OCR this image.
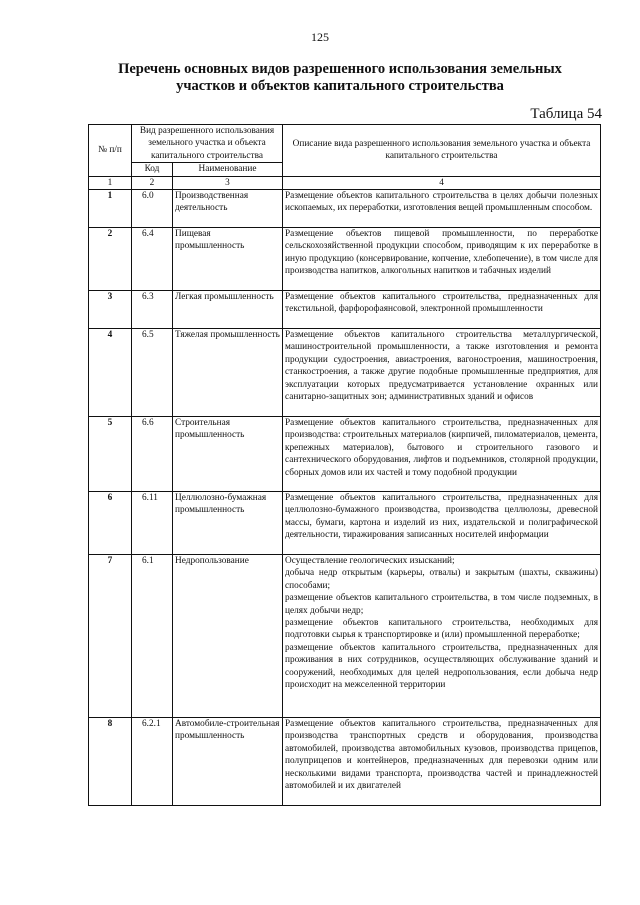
125
Перечень основных видов разрешенного использования земельных
участков и объектов капитального строительства
Таблица 54
№ п/п	Вид разрешенного использования земельного участка и объекта капитального строительства		Описание вида разрешенного использования земельного участка и объекта капитального строительства
	Код	Наименование	
1	2	3	4
1	6.0	Производственная деятельность	Размещение объектов капитального строительства в целях добычи полезных ископаемых, их переработки, изготовления вещей промышленным способом.

2	6.4	Пищевая промышленность	Размещение объектов пищевой промышленности, по переработке сельскохозяйственной продукции способом, приводящим к их переработке в иную продукцию (консервирование, копчение, хлебопечение), в том числе для производства напитков, алкогольных напитков и табачных изделий

3	6.3	Легкая промышленность	Размещение объектов капитального строительства, предназначенных для текстильной, фарфорофаянсовой, электронной промышленности

4	6.5	Тяжелая промышленность	Размещение объектов капитального строительства металлургической, машиностроительной промышленности, а также изготовления и ремонта продукции судостроения, авиастроения, вагоностроения, машиностроения, станкостроения, а также другие подобные промышленные предприятия, для эксплуатации которых предусматривается установление охранных или санитарно-защитных зон; административных зданий и офисов

5	6.6	Строительная промышленность	Размещение объектов капитального строительства, предназначенных для производства: строительных материалов (кирпичей, пиломатериалов, цемента, крепежных материалов), бытового и строительного газового и сантехнического оборудования, лифтов и подъемников, столярной продукции, сборных домов или их частей и тому подобной продукции

6	6.11	Целлюлозно-бумажная промышленность	Размещение объектов капитального строительства, предназначенных для целлюлозно-бумажного производства, производства целлюлозы, древесной массы, бумаги, картона и изделий из них, издательской и полиграфической деятельности, тиражирования записанных носителей информации

7	6.1	Недропользование	Осуществление геологических изысканий;
добыча недр открытым (карьеры, отвалы) и закрытым (шахты, скважины) способами;
размещение объектов капитального строительства, в том числе подземных, в целях добычи недр;
размещение объектов капитального строительства, необходимых для подготовки сырья к транспортировке и (или) промышленной переработке;
размещение объектов капитального строительства, предназначенных для проживания в них сотрудников, осуществляющих обслуживание зданий и сооружений, необходимых для целей недропользования, если добыча недр происходит на межселенной территории

8	6.2.1	Автомобиле-строительная промышленность	Размещение объектов капитального строительства, предназначенных для производства транспортных средств и оборудования, производства автомобилей, производства автомобильных кузовов, производства прицепов, полуприцепов и контейнеров, предназначенных для перевозки одним или несколькими видами транспорта, производства частей и принадлежностей автомобилей и их двигателей
